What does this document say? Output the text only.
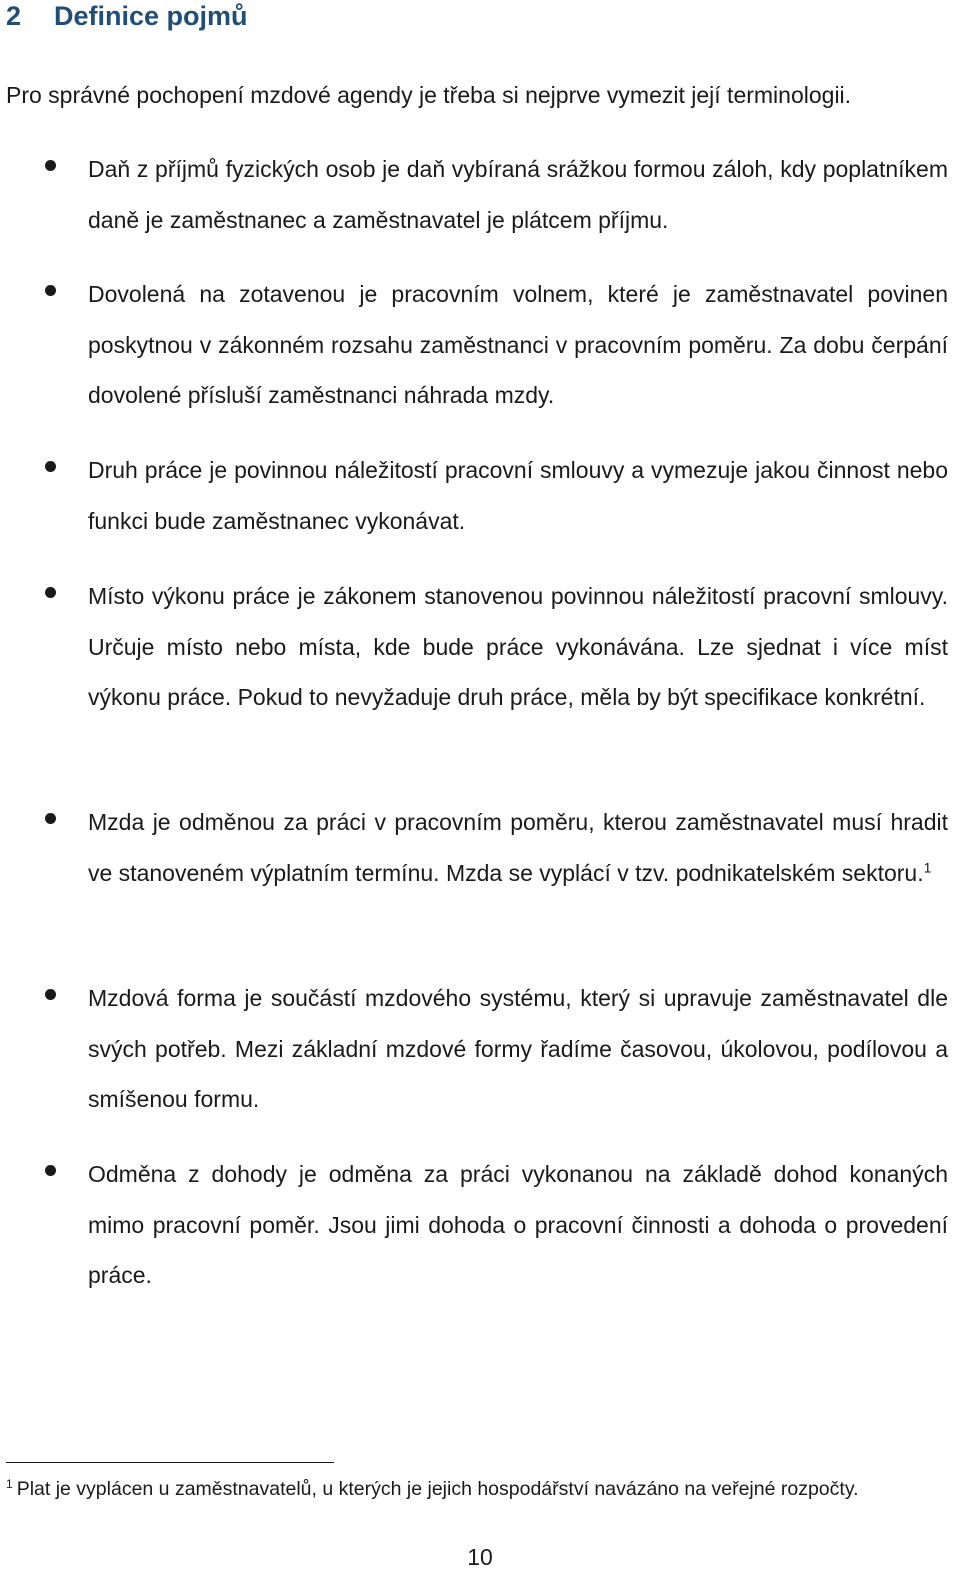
2 Definice pojmů

Pro správné pochopení mzdové agendy je třeba si nejprve vymezit její terminologii.

Daň z příjmů fyzických osob je daň vybíraná srážkou formou záloh, kdy poplatníkem daně je zaměstnanec a zaměstnavatel je plátcem příjmu.

Dovolená na zotavenou je pracovním volnem, které je zaměstnavatel povinen poskytnou v zákonném rozsahu zaměstnanci v pracovním poměru. Za dobu čerpání dovolené přísluší zaměstnanci náhrada mzdy.

Druh práce je povinnou náležitostí pracovní smlouvy a vymezuje jakou činnost nebo funkci bude zaměstnanec vykonávat.

Místo výkonu práce je zákonem stanovenou povinnou náležitostí pracovní smlouvy. Určuje místo nebo místa, kde bude práce vykonávána. Lze sjednat i více míst výkonu práce. Pokud to nevyžaduje druh práce, měla by být specifikace konkrétní.

Mzda je odměnou za práci v pracovním poměru, kterou zaměstnavatel musí hradit ve stanoveném výplatním termínu. Mzda se vyplácí v tzv. podnikatelském sektoru.$^1$

Mzdová forma je součástí mzdového systému, který si upravuje zaměstnavatel dle svých potřeb. Mezi základní mzdové formy řadíme časovou, úkolovou, podílovou a smíšenou formu.

Odměna z dohody je odměna za práci vykonanou na základě dohod konaných mimo pracovní poměr. Jsou jimi dohoda o pracovní činnosti a dohoda o provedení práce.

$^1$ Plat je vyplácen u zaměstnavatelů, u kterých je jejich hospodářství navázáno na veřejné rozpočty.

10
